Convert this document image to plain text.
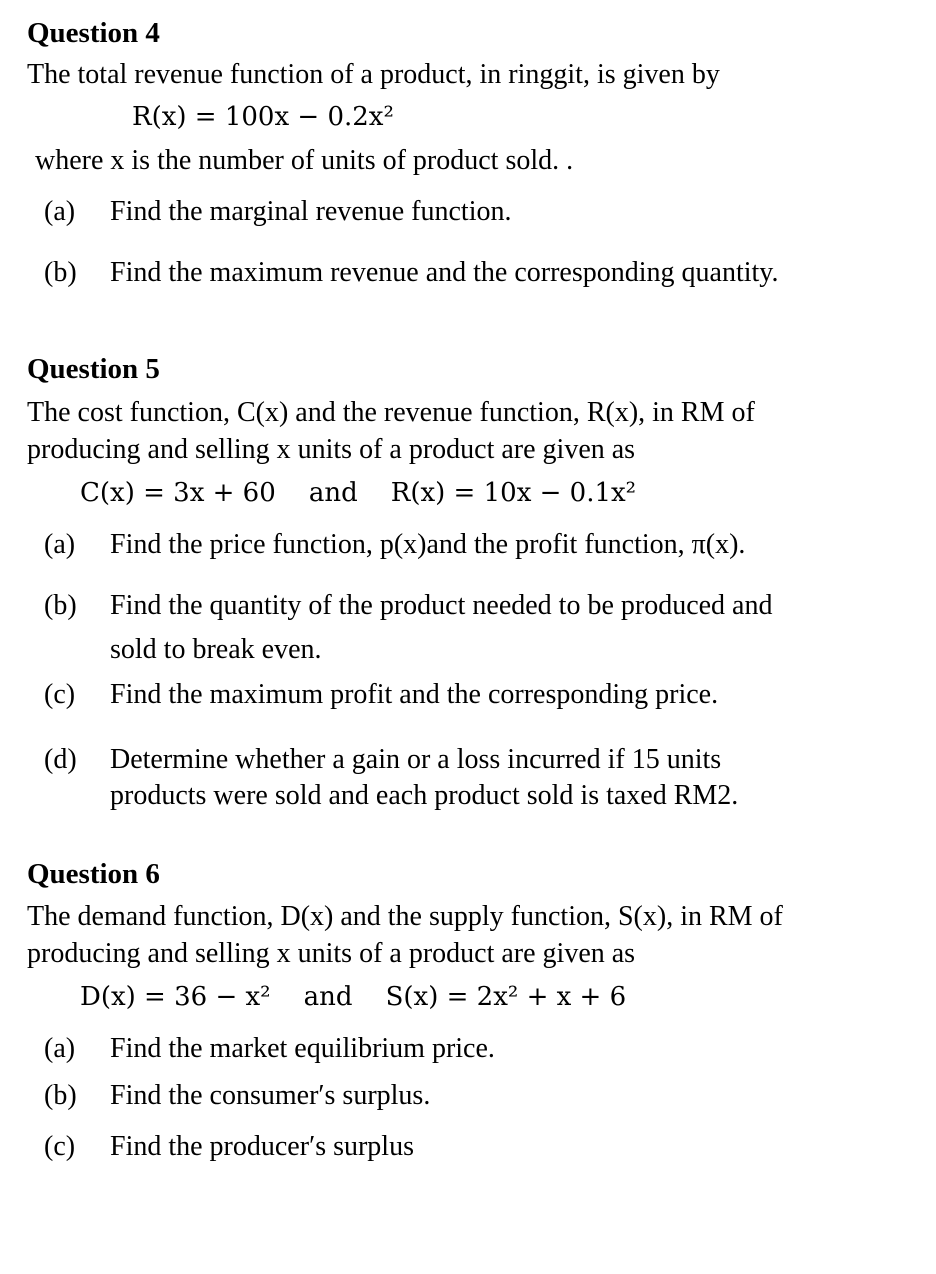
Question 4
The total revenue function of a product, in ringgit, is given by
R(x) = 100x − 0.2x²
where x is the number of units of product sold. .
(a) Find the marginal revenue function.
(b) Find the maximum revenue and the corresponding quantity.
Question 5
The cost function, C(x) and the revenue function, R(x), in RM of
producing and selling x units of a product are given as
C(x) = 3x + 60    and    R(x) = 10x − 0.1x²
(a) Find the price function, p(x)and the profit function, π(x).
(b) Find the quantity of the product needed to be produced and
sold to break even.
(c) Find the maximum profit and the corresponding price.
(d) Determine whether a gain or a loss incurred if 15 units
products were sold and each product sold is taxed RM2.
Question 6
The demand function, D(x) and the supply function, S(x), in RM of
producing and selling x units of a product are given as
D(x) = 36 − x²    and    S(x) = 2x² + x + 6
(a) Find the market equilibrium price.
(b) Find the consumer′s surplus.
(c) Find the producer′s surplus
